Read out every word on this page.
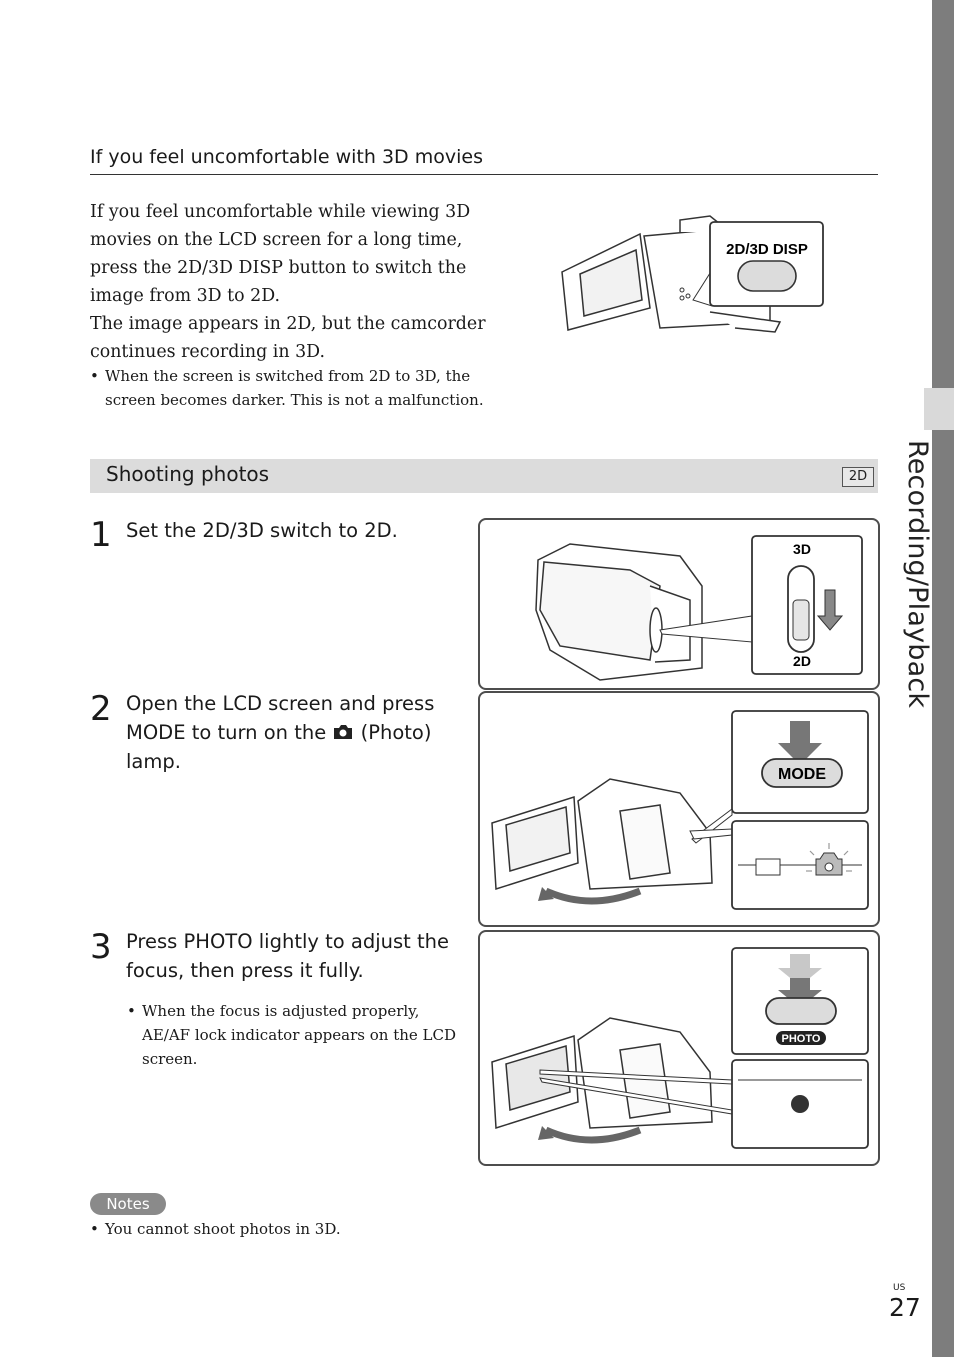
Recording/Playback
If you feel uncomfortable with 3D movies

If you feel uncomfortable while viewing 3D movies on the LCD screen for a long time, press the 2D/3D DISP button to switch the image from 3D to 2D.

The image appears in 2D, but the camcorder continues recording in 3D.

• When the screen is switched from 2D to 3D, the screen becomes darker. This is not a malfunction.
2D/3D DISP
Shooting photos	2D
1 Set the 2D/3D switch to 2D.
3D
2D
2 Open the LCD screen and press MODE to turn on the (Photo) lamp.
MODE
3 Press PHOTO lightly to adjust the focus, then press it fully.
• When the focus is adjusted properly, AE/AF lock indicator appears on the LCD screen.
PHOTO
Notes
• You cannot shoot photos in 3D.
US
27
